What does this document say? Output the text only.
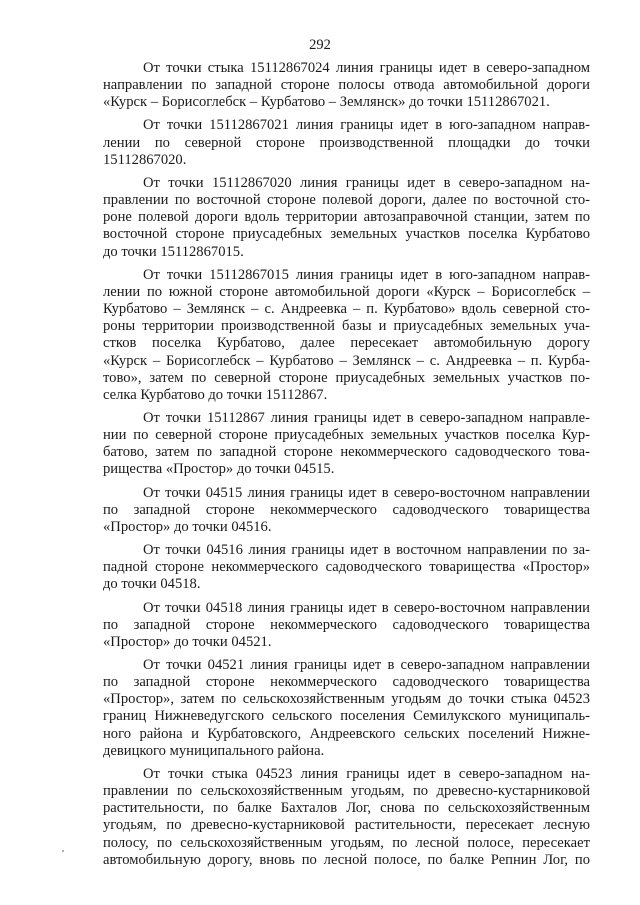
292
От точки стыка 15112867024 линия границы идет в северо-западном
направлении по западной стороне полосы отвода автомобильной дороги
«Курск – Борисоглебск – Курбатово – Землянск» до точки 15112867021.
От точки 15112867021 линия границы идет в юго-западном направ-
лении по северной стороне производственной площадки до точки
15112867020.
От точки 15112867020 линия границы идет в северо-западном на-
правлении по восточной стороне полевой дороги, далее по восточной сто-
роне полевой дороги вдоль территории автозаправочной станции, затем по
восточной стороне приусадебных земельных участков поселка Курбатово
до точки 15112867015.
От точки 15112867015 линия границы идет в юго-западном направ-
лении по южной стороне автомобильной дороги «Курск – Борисоглебск –
Курбатово – Землянск – с. Андреевка – п. Курбатово» вдоль северной сто-
роны территории производственной базы и приусадебных земельных уча-
стков поселка Курбатово, далее пересекает автомобильную дорогу
«Курск – Борисоглебск – Курбатово – Землянск – с. Андреевка – п. Курба-
тово», затем по северной стороне приусадебных земельных участков по-
селка Курбатово до точки 15112867.
От точки 15112867 линия границы идет в северо-западном направле-
нии по северной стороне приусадебных земельных участков поселка Кур-
батово, затем по западной стороне некоммерческого садоводческого това-
рищества «Простор» до точки 04515.
От точки 04515 линия границы идет в северо-восточном направлении
по западной стороне некоммерческого садоводческого товарищества
«Простор» до точки 04516.
От точки 04516 линия границы идет в восточном направлении по за-
падной стороне некоммерческого садоводческого товарищества «Простор»
до точки 04518.
От точки 04518 линия границы идет в северо-восточном направлении
по западной стороне некоммерческого садоводческого товарищества
«Простор» до точки 04521.
От точки 04521 линия границы идет в северо-западном направлении
по западной стороне некоммерческого садоводческого товарищества
«Простор», затем по сельскохозяйственным угодьям до точки стыка 04523
границ Нижневедугского сельского поселения Семилукского муниципаль-
ного района и Курбатовского, Андреевского сельских поселений Нижне-
девицкого муниципального района.
От точки стыка 04523 линия границы идет в северо-западном на-
правлении по сельскохозяйственным угодьям, по древесно-кустарниковой
растительности, по балке Бахталов Лог, снова по сельскохозяйственным
угодьям, по древесно-кустарниковой растительности, пересекает лесную
полосу, по сельскохозяйственным угодьям, по лесной полосе, пересекает
автомобильную дорогу, вновь по лесной полосе, по балке Репнин Лог, по
